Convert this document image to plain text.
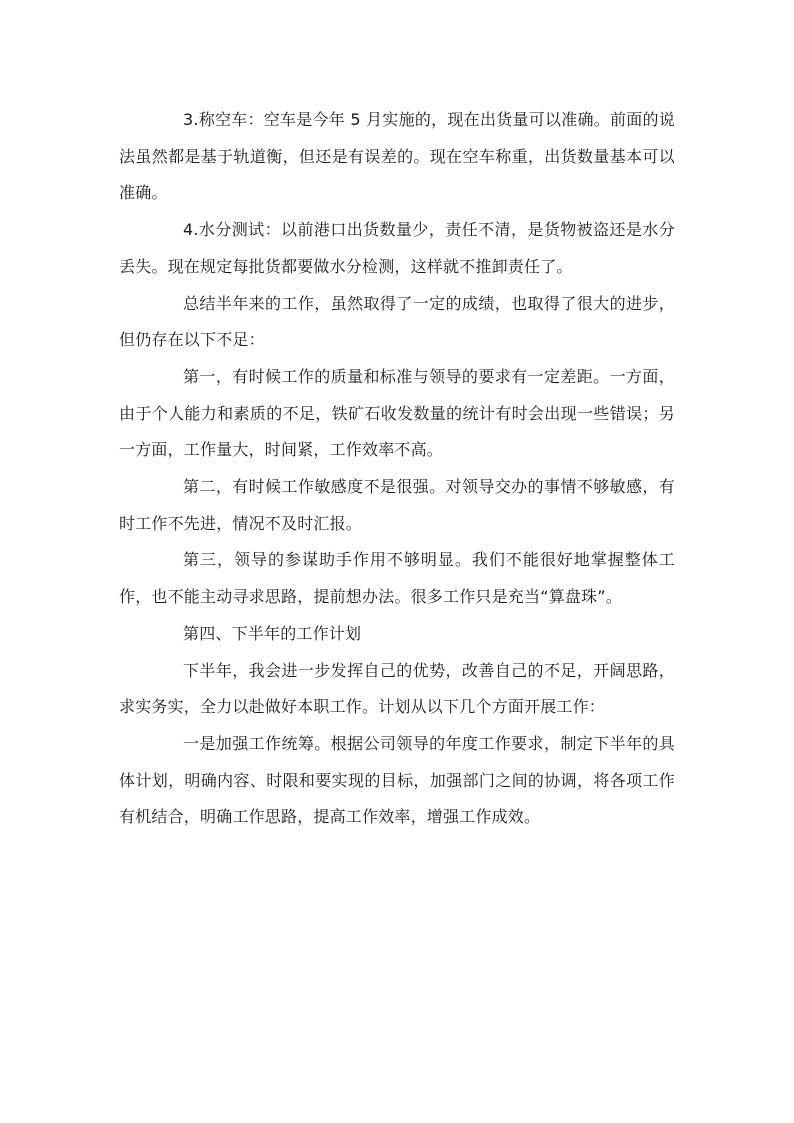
3.称空车：空车是今年 5 月实施的，现在出货量可以准确。前面的说法虽然都是基于轨道衡，但还是有误差的。现在空车称重，出货数量基本可以准确。

4.水分测试：以前港口出货数量少，责任不清，是货物被盗还是水分丢失。现在规定每批货都要做水分检测，这样就不推卸责任了。

总结半年来的工作，虽然取得了一定的成绩，也取得了很大的进步，但仍存在以下不足：

第一，有时候工作的质量和标准与领导的要求有一定差距。一方面，由于个人能力和素质的不足，铁矿石收发数量的统计有时会出现一些错误；另一方面，工作量大，时间紧，工作效率不高。

第二，有时候工作敏感度不是很强。对领导交办的事情不够敏感，有时工作不先进，情况不及时汇报。

第三，领导的参谋助手作用不够明显。我们不能很好地掌握整体工作，也不能主动寻求思路，提前想办法。很多工作只是充当“算盘珠”。

第四、下半年的工作计划

下半年，我会进一步发挥自己的优势，改善自己的不足，开阔思路，求实务实，全力以赴做好本职工作。计划从以下几个方面开展工作：

一是加强工作统筹。根据公司领导的年度工作要求，制定下半年的具体计划，明确内容、时限和要实现的目标，加强部门之间的协调，将各项工作有机结合，明确工作思路，提高工作效率，增强工作成效。
